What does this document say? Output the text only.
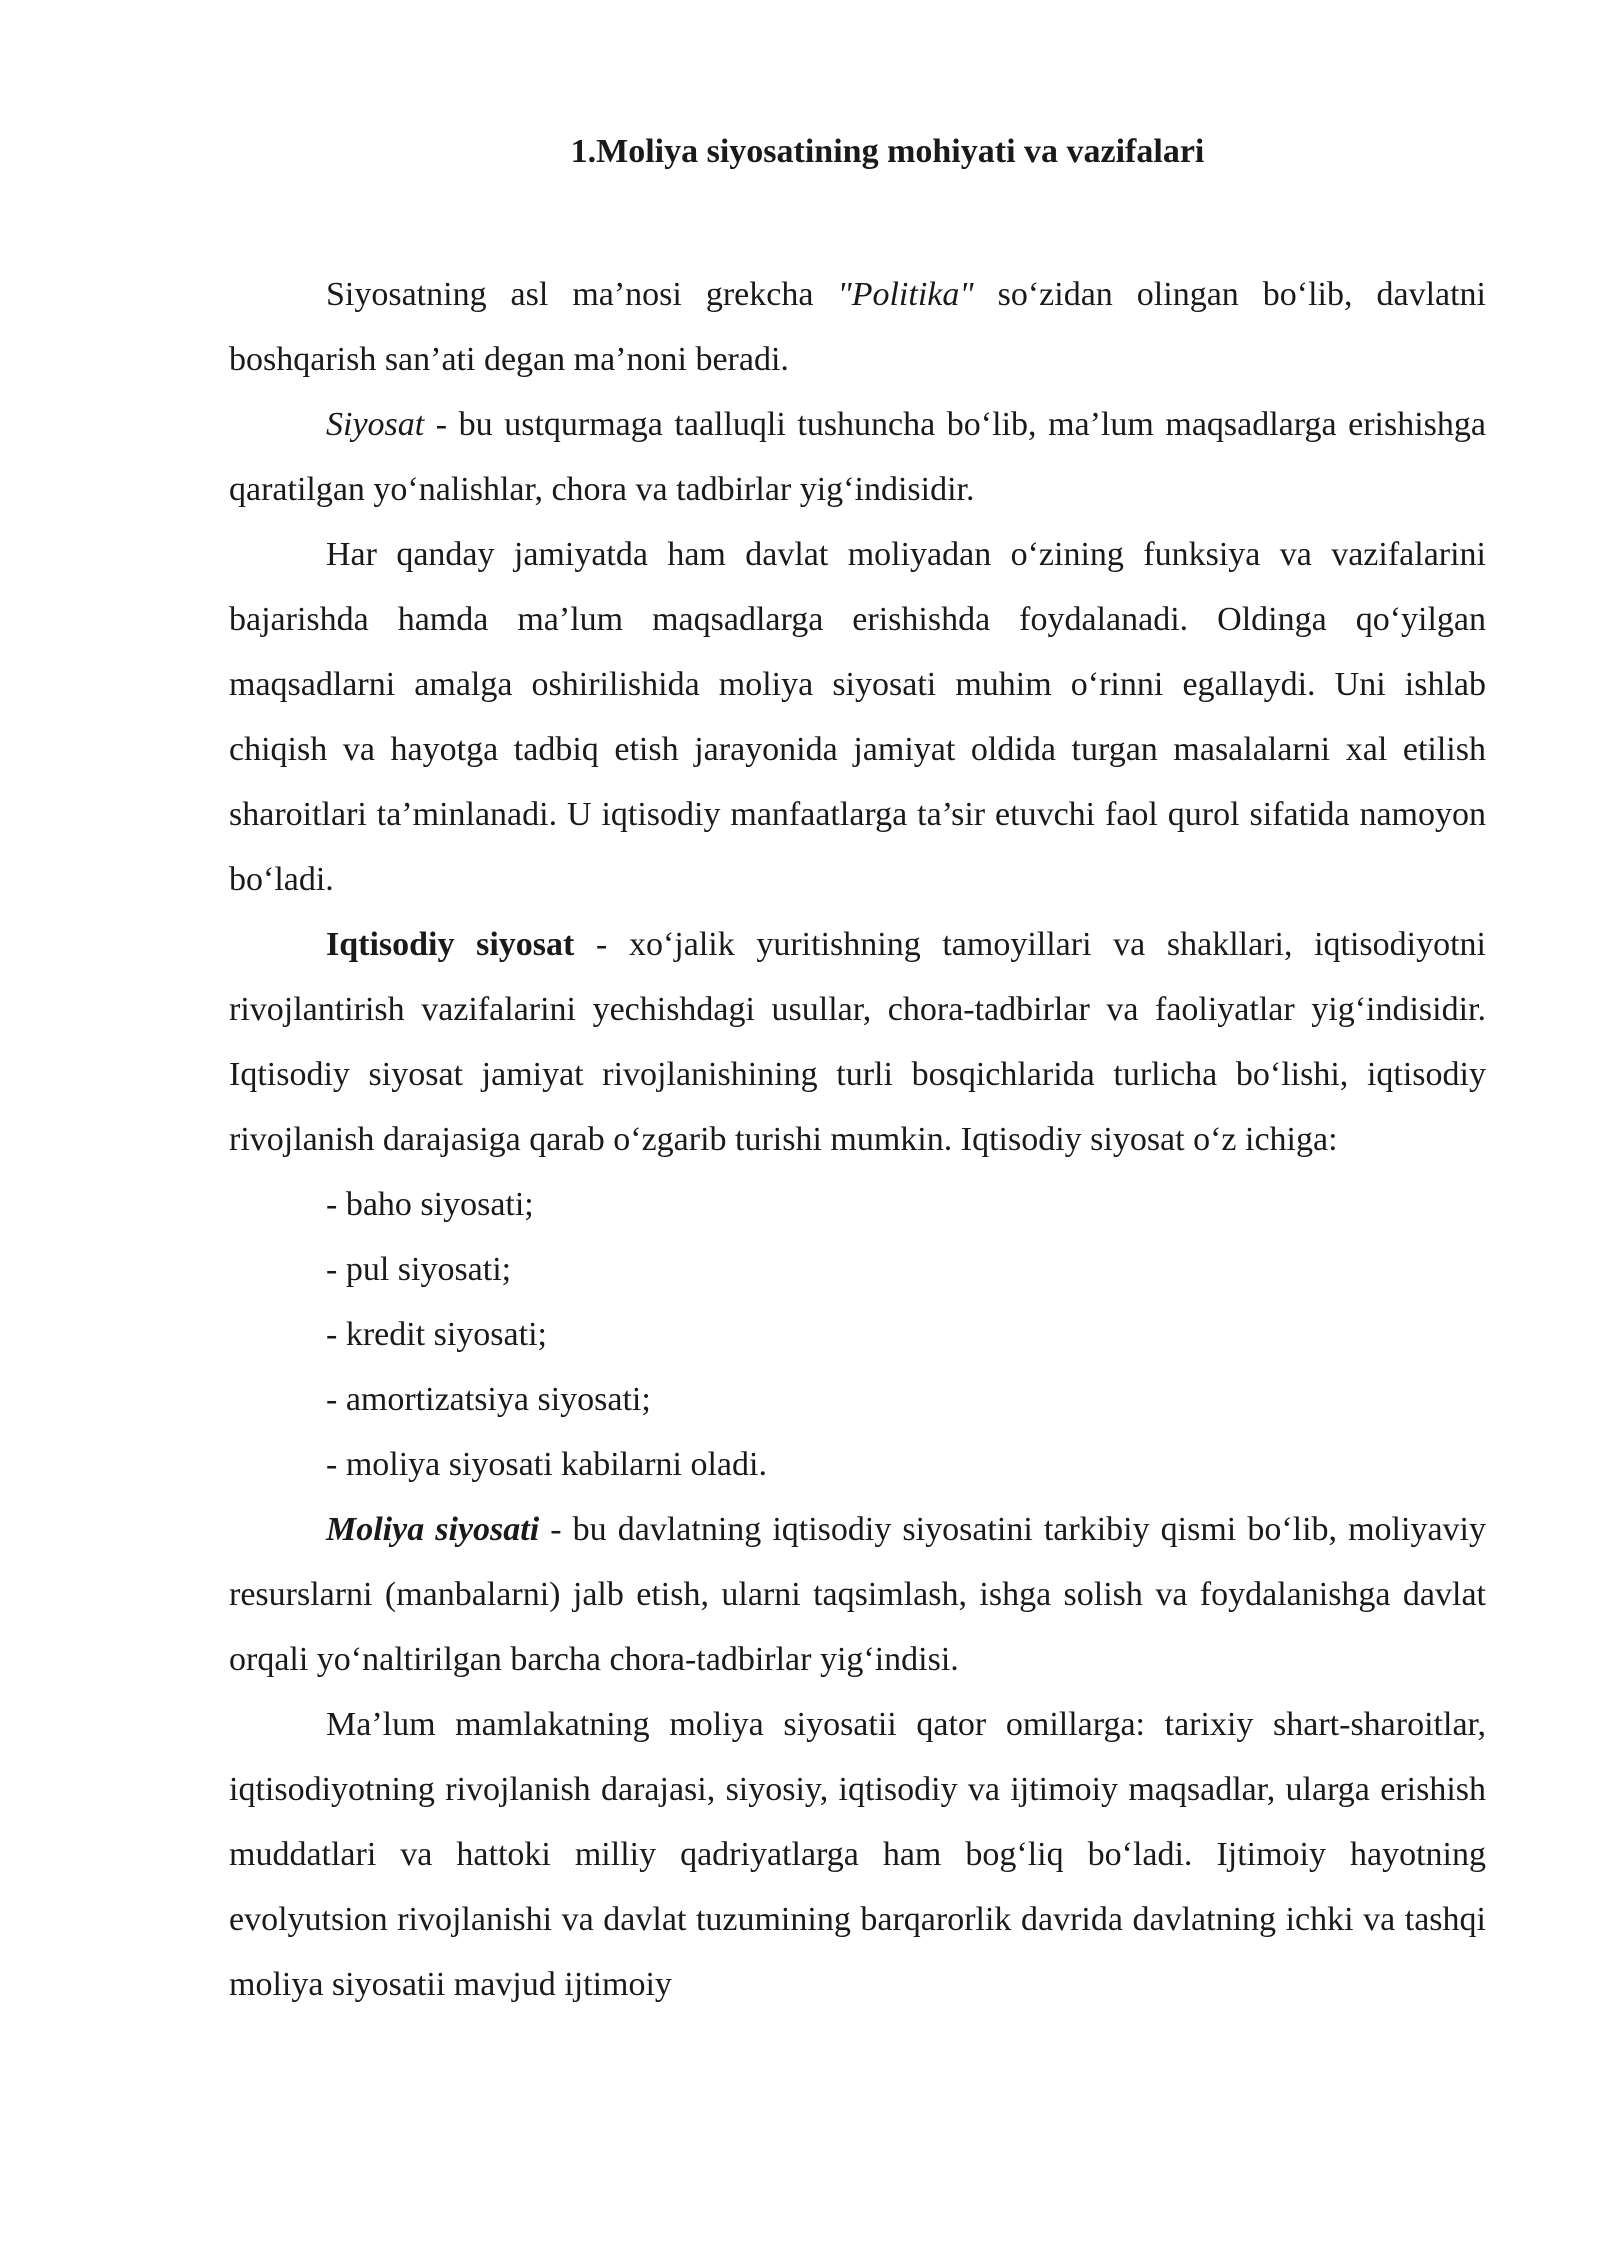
1.Moliya siyosatining mohiyati va vazifalari

Siyosatning asl ma’nosi grekcha "Politika" so‘zidan olingan bo‘lib, davlatni boshqarish san’ati degan ma’noni beradi.

Siyosat - bu ustqurmaga taalluqli tushuncha bo‘lib, ma’lum maqsadlarga erishishga qaratilgan yo‘nalishlar, chora va tadbirlar yig‘indisidir.

Har qanday jamiyatda ham davlat moliyadan o‘zining funksiya va vazifalarini bajarishda hamda ma’lum maqsadlarga erishishda foydalanadi. Oldinga qo‘yilgan maqsadlarni amalga oshirilishida moliya siyosati muhim o‘rinni egallaydi. Uni ishlab chiqish va hayotga tadbiq etish jarayonida jamiyat oldida turgan masalalarni xal etilish sharoitlari ta’minlanadi. U iqtisodiy manfaatlarga ta’sir etuvchi faol qurol sifatida namoyon bo‘ladi.

Iqtisodiy siyosat - xo‘jalik yuritishning tamoyillari va shakllari, iqtisodiyotni rivojlantirish vazifalarini yechishdagi usullar, chora-tadbirlar va faoliyatlar yig‘indisidir. Iqtisodiy siyosat jamiyat rivojlanishining turli bosqichlarida turlicha bo‘lishi, iqtisodiy rivojlanish darajasiga qarab o‘zgarib turishi mumkin. Iqtisodiy siyosat o‘z ichiga:

- baho siyosati;
- pul siyosati;
- kredit siyosati;
- amortizatsiya siyosati;
- moliya siyosati kabilarni oladi.

Moliya siyosati - bu davlatning iqtisodiy siyosatini tarkibiy qismi bo‘lib, moliyaviy resurslarni (manbalarni) jalb etish, ularni taqsimlash, ishga solish va foydalanishga davlat orqali yo‘naltirilgan barcha chora-tadbirlar yig‘indisi.

Ma’lum mamlakatning moliya siyosatii qator omillarga: tarixiy shart-sharoitlar, iqtisodiyotning rivojlanish darajasi, siyosiy, iqtisodiy va ijtimoiy maqsadlar, ularga erishish muddatlari va hattoki milliy qadriyatlarga ham bog‘liq bo‘ladi. Ijtimoiy hayotning evolyutsion rivojlanishi va davlat tuzumining barqarorlik davrida davlatning ichki va tashqi moliya siyosatii mavjud ijtimoiy
